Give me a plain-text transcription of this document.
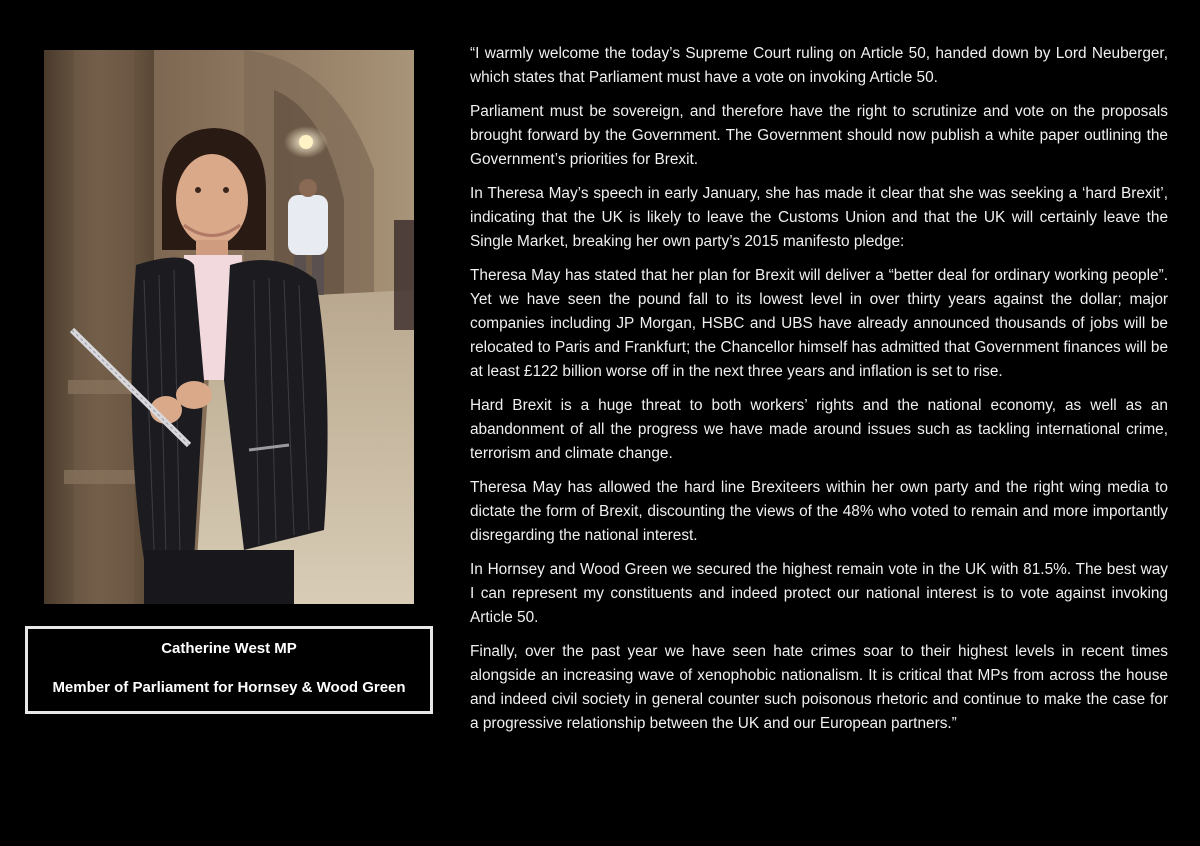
Catherine West MP
Member of Parliament for Hornsey & Wood Green

“I warmly welcome the today’s Supreme Court ruling on Article 50, handed down by Lord Neuberger, which states that Parliament must have a vote on invoking Article 50.

Parliament must be sovereign, and therefore have the right to scrutinize and vote on the proposals brought forward by the Government. The Government should now publish a white paper outlining the Government’s priorities for Brexit.

In Theresa May’s speech in early January, she has made it clear that she was seeking a ‘hard Brexit’, indicating that the UK is likely to leave the Customs Union and that the UK will certainly leave the Single Market, breaking her own party’s 2015 manifesto pledge:

Theresa May has stated that her plan for Brexit will deliver a “better deal for ordinary working people”. Yet we have seen the pound fall to its lowest level in over thirty years against the dollar; major companies including JP Morgan, HSBC and UBS have already announced thousands of jobs will be relocated to Paris and Frankfurt; the Chancellor himself has admitted that Government finances will be at least £122 billion worse off in the next three years and inflation is set to rise.

Hard Brexit is a huge threat to both workers’ rights and the national economy, as well as an abandonment of all the progress we have made around issues such as tackling international crime, terrorism and climate change.

Theresa May has allowed the hard line Brexiteers within her own party and the right wing media to dictate the form of Brexit, discounting the views of the 48% who voted to remain and more importantly disregarding the national interest.

In Hornsey and Wood Green we secured the highest remain vote in the UK with 81.5%. The best way I can represent my constituents and indeed protect our national interest is to vote against invoking Article 50.

Finally, over the past year we have seen hate crimes soar to their highest levels in recent times alongside an increasing wave of xenophobic nationalism. It is critical that MPs from across the house and indeed civil society in general counter such poisonous rhetoric and continue to make the case for a progressive relationship between the UK and our European partners.”
